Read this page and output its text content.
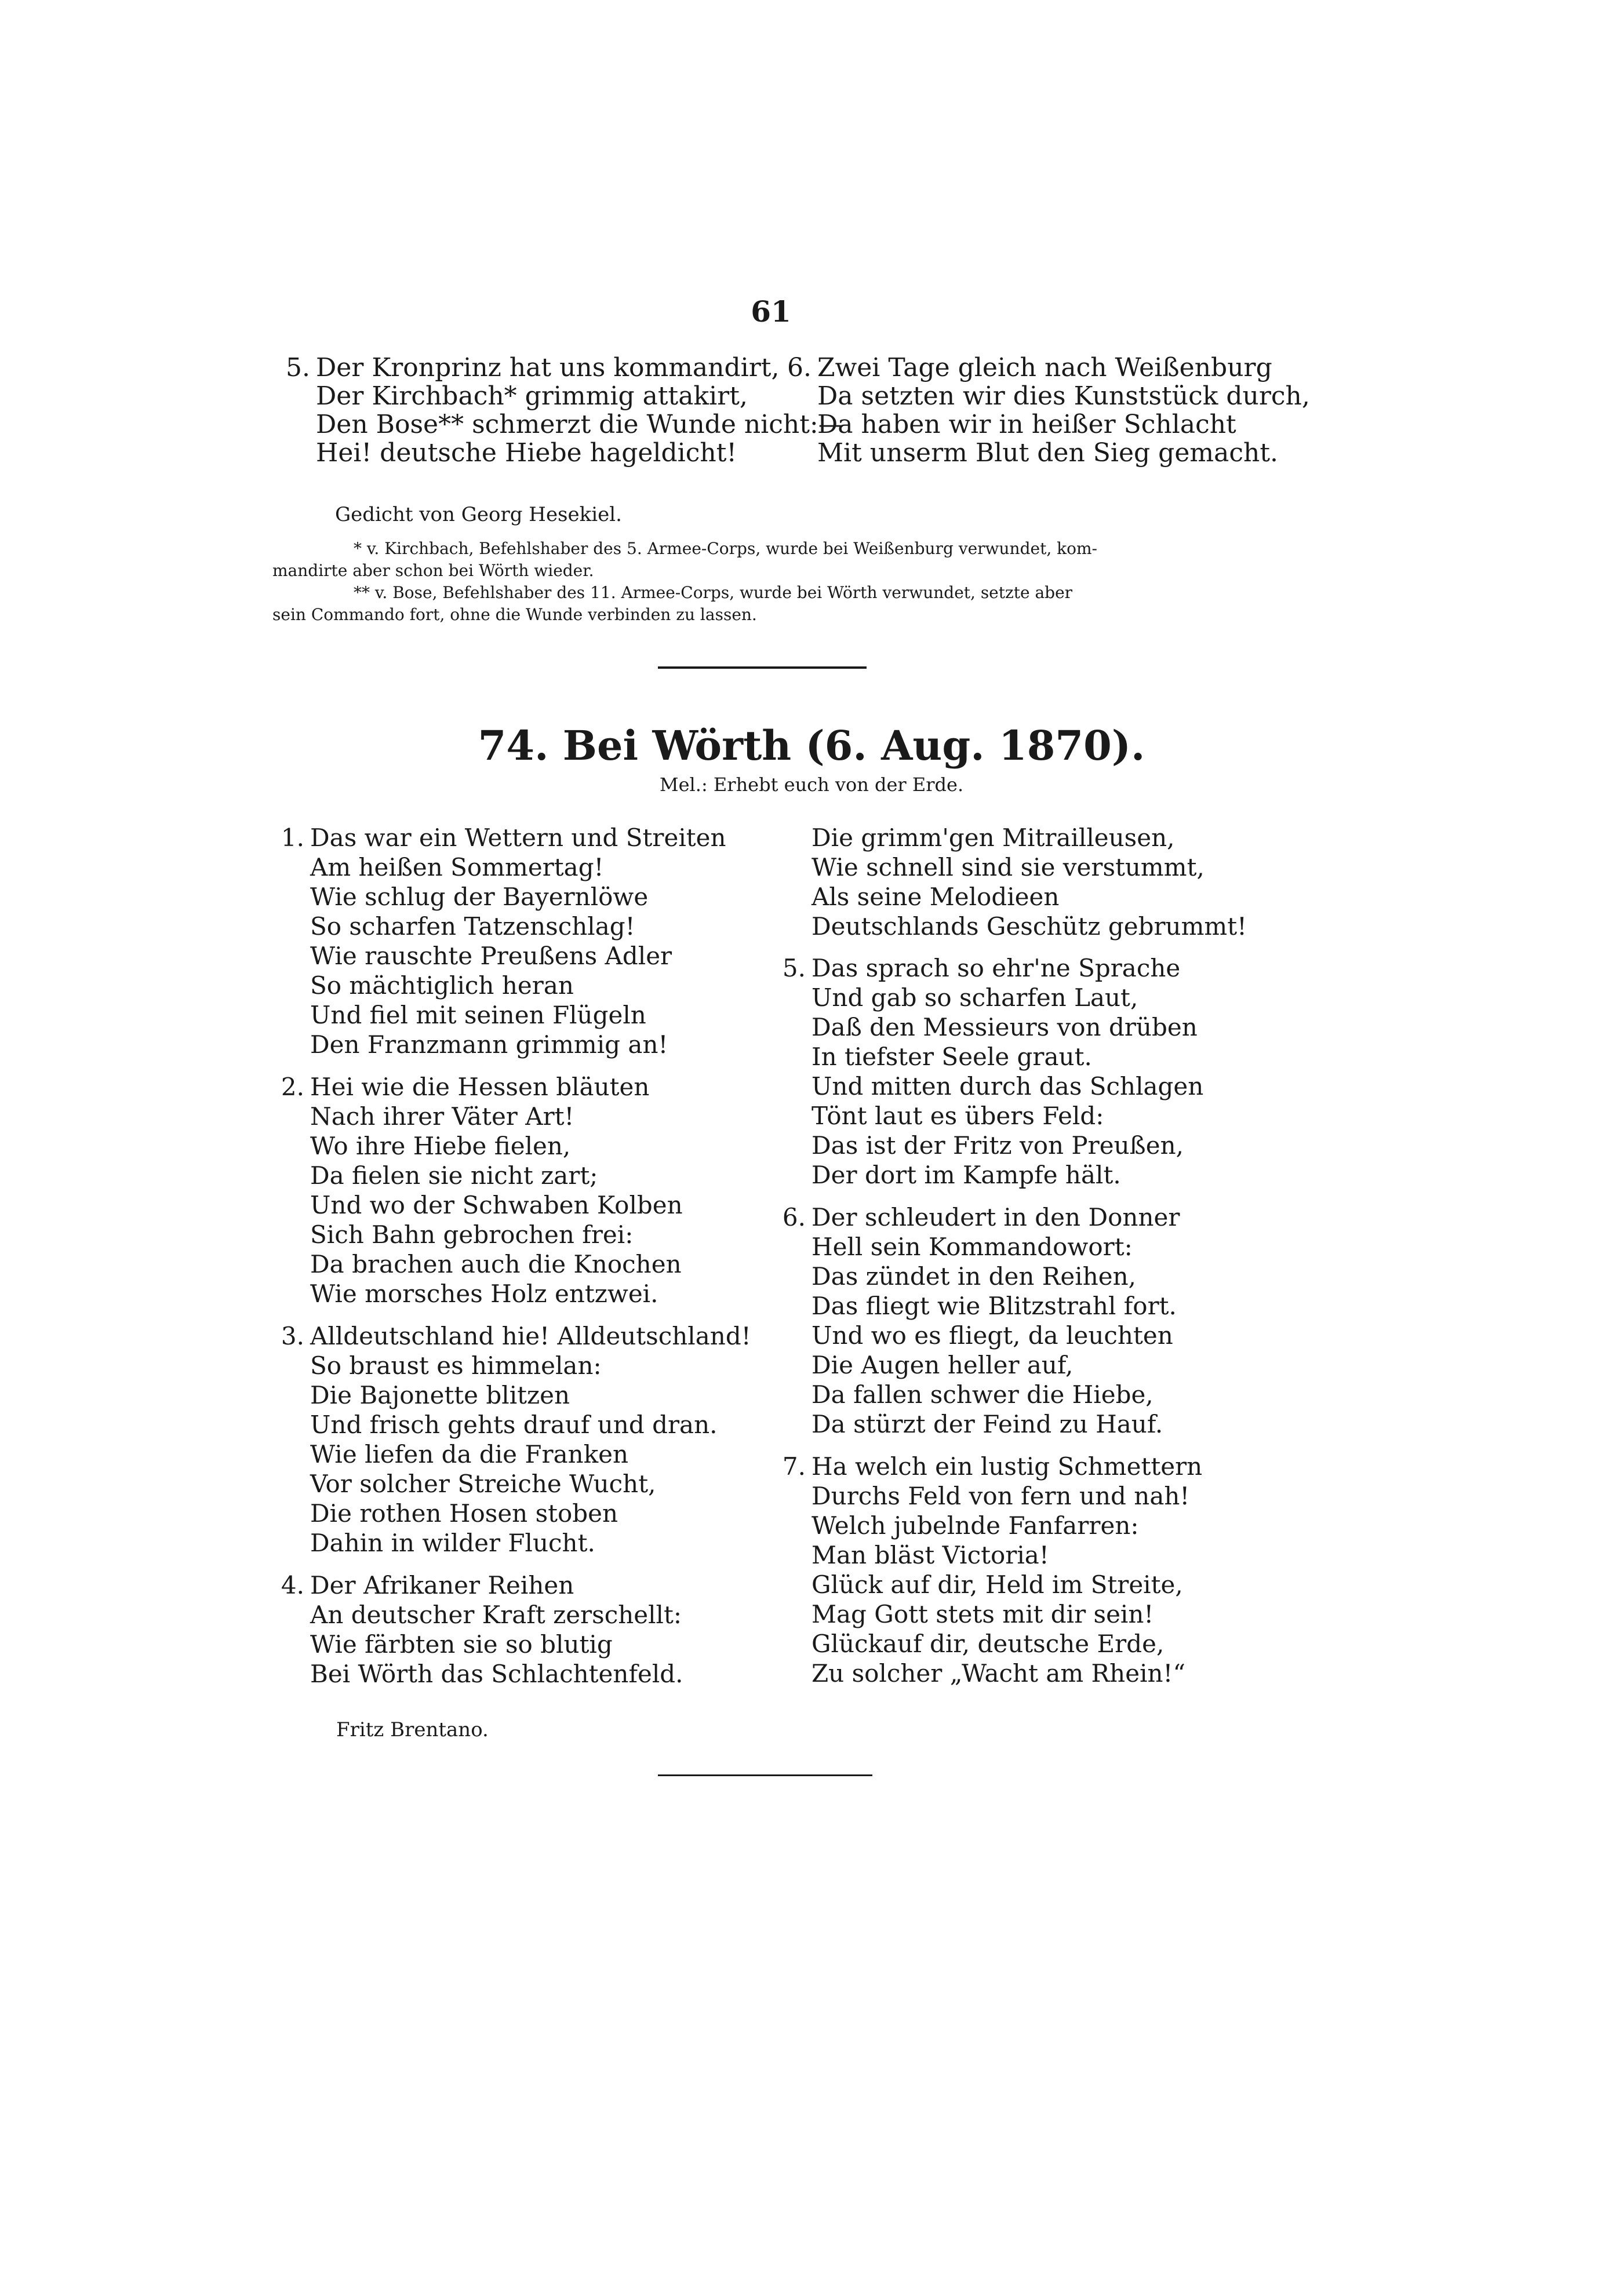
61
5. Der Kronprinz hat uns kommandirt,
Der Kirchbach* grimmig attakirt,
Den Bose** schmerzt die Wunde nicht:—
Hei! deutsche Hiebe hageldicht!
6. Zwei Tage gleich nach Weißenburg
Da setzten wir dies Kunststück durch,
Da haben wir in heißer Schlacht
Mit unserm Blut den Sieg gemacht.
Gedicht von Georg Hesekiel.
* v. Kirchbach, Befehlshaber des 5. Armee-Corps, wurde bei Weißenburg verwundet, kom-
mandirte aber schon bei Wörth wieder.
** v. Bose, Befehlshaber des 11. Armee-Corps, wurde bei Wörth verwundet, setzte aber
sein Commando fort, ohne die Wunde verbinden zu lassen.
74. Bei Wörth (6. Aug. 1870).
Mel.: Erhebt euch von der Erde.
1. Das war ein Wettern und Streiten
Am heißen Sommertag!
Wie schlug der Bayernlöwe
So scharfen Tatzenschlag!
Wie rauschte Preußens Adler
So mächtiglich heran
Und fiel mit seinen Flügeln
Den Franzmann grimmig an!
2. Hei wie die Hessen bläuten
Nach ihrer Väter Art!
Wo ihre Hiebe fielen,
Da fielen sie nicht zart;
Und wo der Schwaben Kolben
Sich Bahn gebrochen frei:
Da brachen auch die Knochen
Wie morsches Holz entzwei.
3. Alldeutschland hie! Alldeutschland!
So braust es himmelan:
Die Bajonette blitzen
Und frisch gehts drauf und dran.
Wie liefen da die Franken
Vor solcher Streiche Wucht,
Die rothen Hosen stoben
Dahin in wilder Flucht.
4. Der Afrikaner Reihen
An deutscher Kraft zerschellt:
Wie färbten sie so blutig
Bei Wörth das Schlachtenfeld.
Fritz Brentano.
Die grimm'gen Mitrailleusen,
Wie schnell sind sie verstummt,
Als seine Melodieen
Deutschlands Geschütz gebrummt!
5. Das sprach so ehr'ne Sprache
Und gab so scharfen Laut,
Daß den Messieurs von drüben
In tiefster Seele graut.
Und mitten durch das Schlagen
Tönt laut es übers Feld:
Das ist der Fritz von Preußen,
Der dort im Kampfe hält.
6. Der schleudert in den Donner
Hell sein Kommandowort:
Das zündet in den Reihen,
Das fliegt wie Blitzstrahl fort.
Und wo es fliegt, da leuchten
Die Augen heller auf,
Da fallen schwer die Hiebe,
Da stürzt der Feind zu Hauf.
7. Ha welch ein lustig Schmettern
Durchs Feld von fern und nah!
Welch jubelnde Fanfarren:
Man bläst Victoria!
Glück auf dir, Held im Streite,
Mag Gott stets mit dir sein!
Glückauf dir, deutsche Erde,
Zu solcher „Wacht am Rhein!“
